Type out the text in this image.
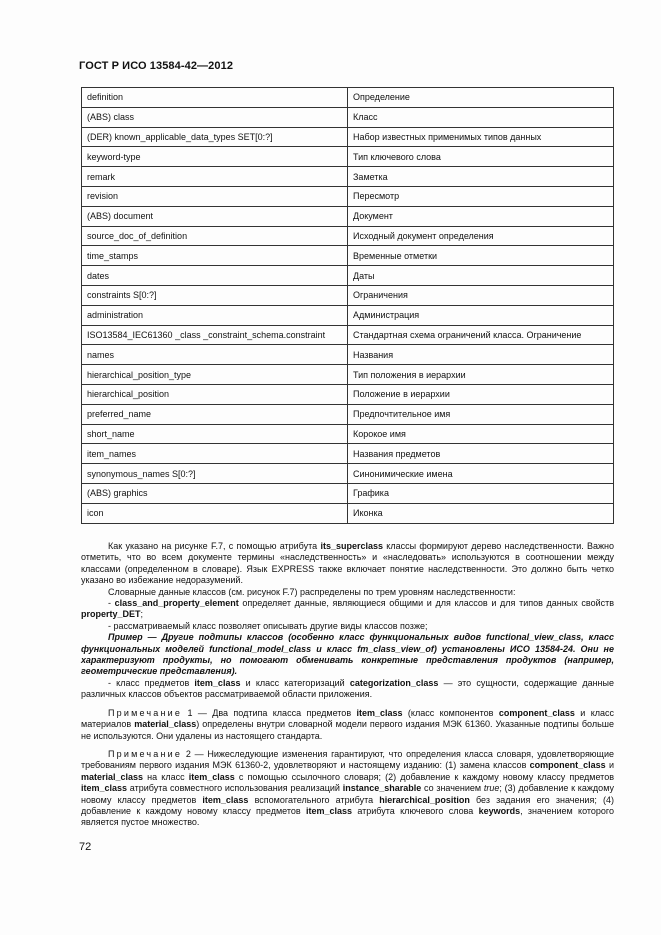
ГОСТ Р ИСО 13584-42—2012
definition	Определение
(ABS) class	Класс
(DER) known_applicable_data_types SET[0:?]	Набор известных применимых типов данных
keyword-type	Тип ключевого слова
remark	Заметка
revision	Пересмотр
(ABS) document	Документ
source_doc_of_definition	Исходный документ определения
time_stamps	Временные отметки
dates	Даты
constraints S[0:?]	Ограничения
administration	Администрация
ISO13584_IEC61360 _class _constraint_schema.constraint	Стандартная схема ограничений класса. Ограничение
names	Названия
hierarchical_position_type	Тип положения в иерархии
hierarchical_position	Положение в иерархии
preferred_name	Предпочтительное имя
short_name	Корокое имя
item_names	Названия предметов
synonymous_names S[0:?]	Синонимические имена
(ABS) graphics	Графика
icon	Иконка

Как указано на рисунке F.7, с помощью атрибута its_superclass классы формируют дерево наследственности. Важно отметить, что во всем документе термины «наследственность» и «наследовать» используются в соотношении между классами (определенном в словаре). Язык EXPRESS также включает понятие наследственности. Это должно быть четко указано во избежание недоразумений.

Словарные данные классов (см. рисунок F.7) распределены по трем уровням наследственности:

- class_and_property_element определяет данные, являющиеся общими и для классов и для типов данных свойств property_DET;

- рассматриваемый класс позволяет описывать другие виды классов позже;

Пример — Другие подтипы классов (особенно класс функциональных видов functional_view_class, класс функциональных моделей functional_model_class и класс fm_class_view_of) установлены ИСО 13584-24. Они не характеризуют продукты, но помогают обменивать конкретные представления продуктов (например, геометрические представления).

- класс предметов item_class и класс категоризаций categorization_class — это сущности, содержащие данные различных классов объектов рассматриваемой области приложения.

Примечание 1 — Два подтипа класса предметов item_class (класс компонентов component_class и класс материалов material_class) определены внутри словарной модели первого издания МЭК 61360. Указанные подтипы больше не используются. Они удалены из настоящего стандарта.

Примечание 2 — Нижеследующие изменения гарантируют, что определения класса словаря, удовлетворяющие требованиям первого издания МЭК 61360-2, удовлетворяют и настоящему изданию: (1) замена классов component_class и material_class на класс item_class с помощью ссылочного словаря; (2) добавление к каждому новому классу предметов item_class атрибута совместного использования реализаций instance_sharable со значением true; (3) добавление к каждому новому классу предметов item_class вспомогательного атрибута hierarchical_position без задания его значения; (4) добавление к каждому новому классу предметов item_class атрибута ключевого слова keywords, значением которого является пустое множество.

72
